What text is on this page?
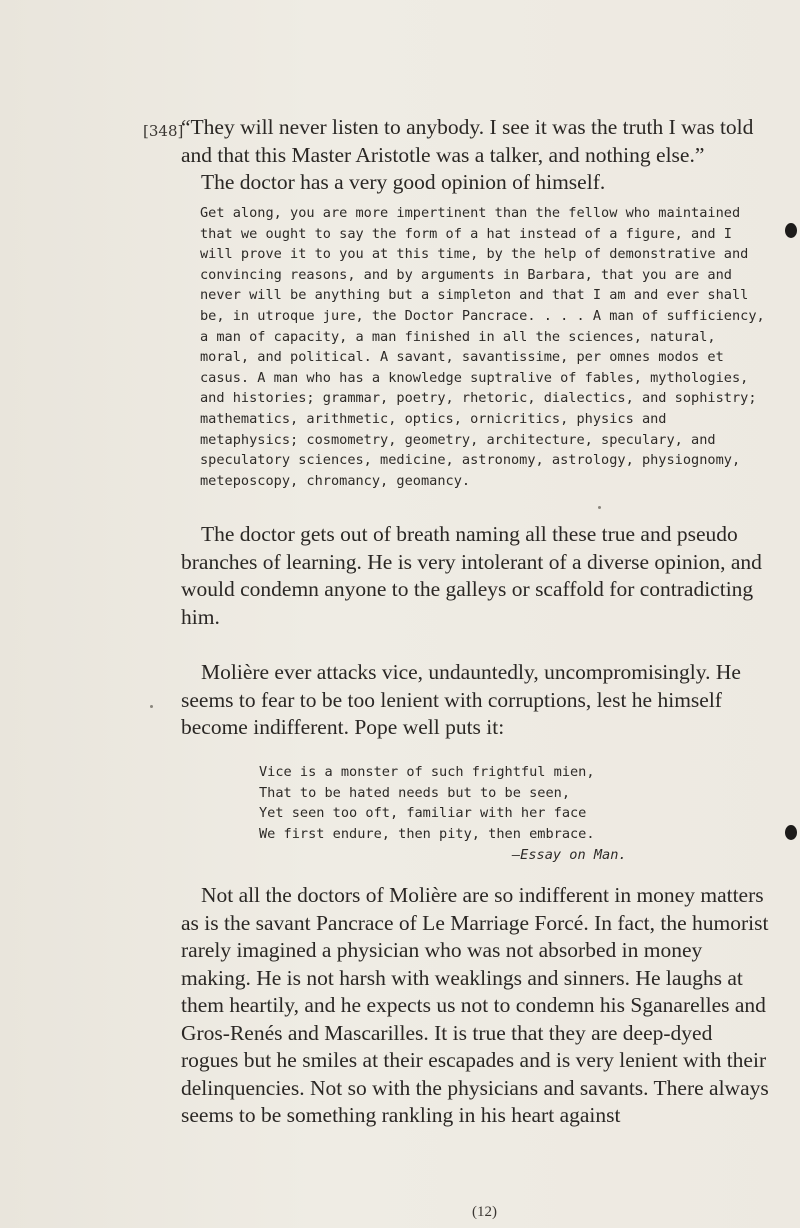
[348]

“They will never listen to anybody. I see it was the truth I was told and that this Master Aristotle was a talker, and nothing else.”

The doctor has a very good opinion of himself.

Get along, you are more impertinent than the fellow who maintained that we ought to say the form of a hat instead of a figure, and I will prove it to you at this time, by the help of demonstrative and convincing reasons, and by arguments in Barbara, that you are and never will be anything but a simpleton and that I am and ever shall be, in utroque jure, the Doctor Pancrace. . . . A man of sufficiency, a man of capacity, a man finished in all the sciences, natural, moral, and political. A savant, savantissime, per omnes modos et casus. A man who has a knowledge suptralive of fables, mythologies, and histories; grammar, poetry, rhetoric, dialectics, and sophistry; mathematics, arithmetic, optics, ornicritics, physics and metaphysics; cosmometry, geometry, architecture, speculary, and speculatory sciences, medicine, astronomy, astrology, physiognomy, meteposcopy, chromancy, geomancy.

The doctor gets out of breath naming all these true and pseudo branches of learning. He is very intolerant of a diverse opinion, and would condemn anyone to the galleys or scaffold for contradicting him.

Molière ever attacks vice, undauntedly, uncompromisingly. He seems to fear to be too lenient with corruptions, lest he himself become indifferent. Pope well puts it:

Vice is a monster of such frightful mien,
That to be hated needs but to be seen,
Yet seen too oft, familiar with her face
We first endure, then pity, then embrace.
—Essay on Man.

Not all the doctors of Molière are so indifferent in money matters as is the savant Pancrace of Le Marriage Forcé. In fact, the humorist rarely imagined a physician who was not absorbed in money making. He is not harsh with weaklings and sinners. He laughs at them heartily, and he expects us not to condemn his Sganarelles and Gros-Renés and Mascarilles. It is true that they are deep-dyed rogues but he smiles at their escapades and is very lenient with their delinquencies. Not so with the physicians and savants. There always seems to be something rankling in his heart against

(12)
